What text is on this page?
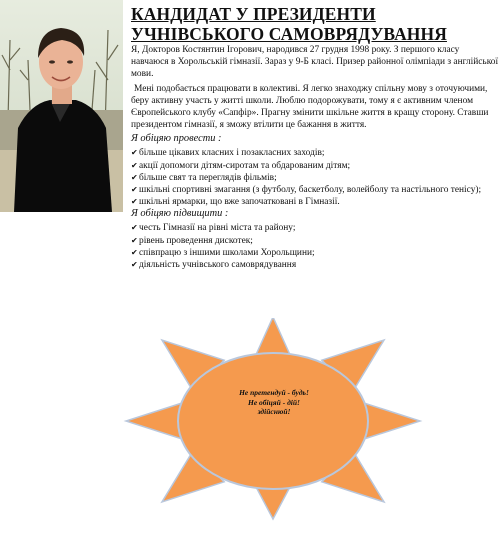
КАНДИДАТ У ПРЕЗИДЕНТИ УЧНІВСЬКОГО САМОВРЯДУВАННЯ

Я, Докторов Костянтин Ігорович, народився 27 грудня 1998 року. З першого класу навчаюся в Хорольській гімназії. Зараз у 9-Б класі. Призер районної олімпіади з англійської мови.

Мені подобається працювати в колективі. Я легко знаходжу спільну мову з оточуючими, беру активну участь у житті школи. Люблю подорожувати, тому я є активним членом Європейського клубу «Сапфір». Прагну змінити шкільне життя в кращу сторону. Ставши президентом гімназії, я зможу втілити це бажання в життя.

Я обіцяю провести :

✔ більше цікавих класних і позакласних заходів;
✔ акції допомоги дітям-сиротам та обдарованим дітям;
✔ більше свят та переглядів фільмів;
✔ шкільні спортивні змагання (з футболу, баскетболу, волейболу та настільного тенісу);
✔ шкільні ярмарки, що вже започатковані в Гімназії.

Я обіцяю підвищити :

✔ честь Гімназії на рівні міста та району;
✔ рівень проведення дискотек;
✔ співпрацю з іншими школами Хорольщини;
✔ діяльність учнівського самоврядування
Не претендуй - будь!
Не обіцяй - дій!
здійснюй!
